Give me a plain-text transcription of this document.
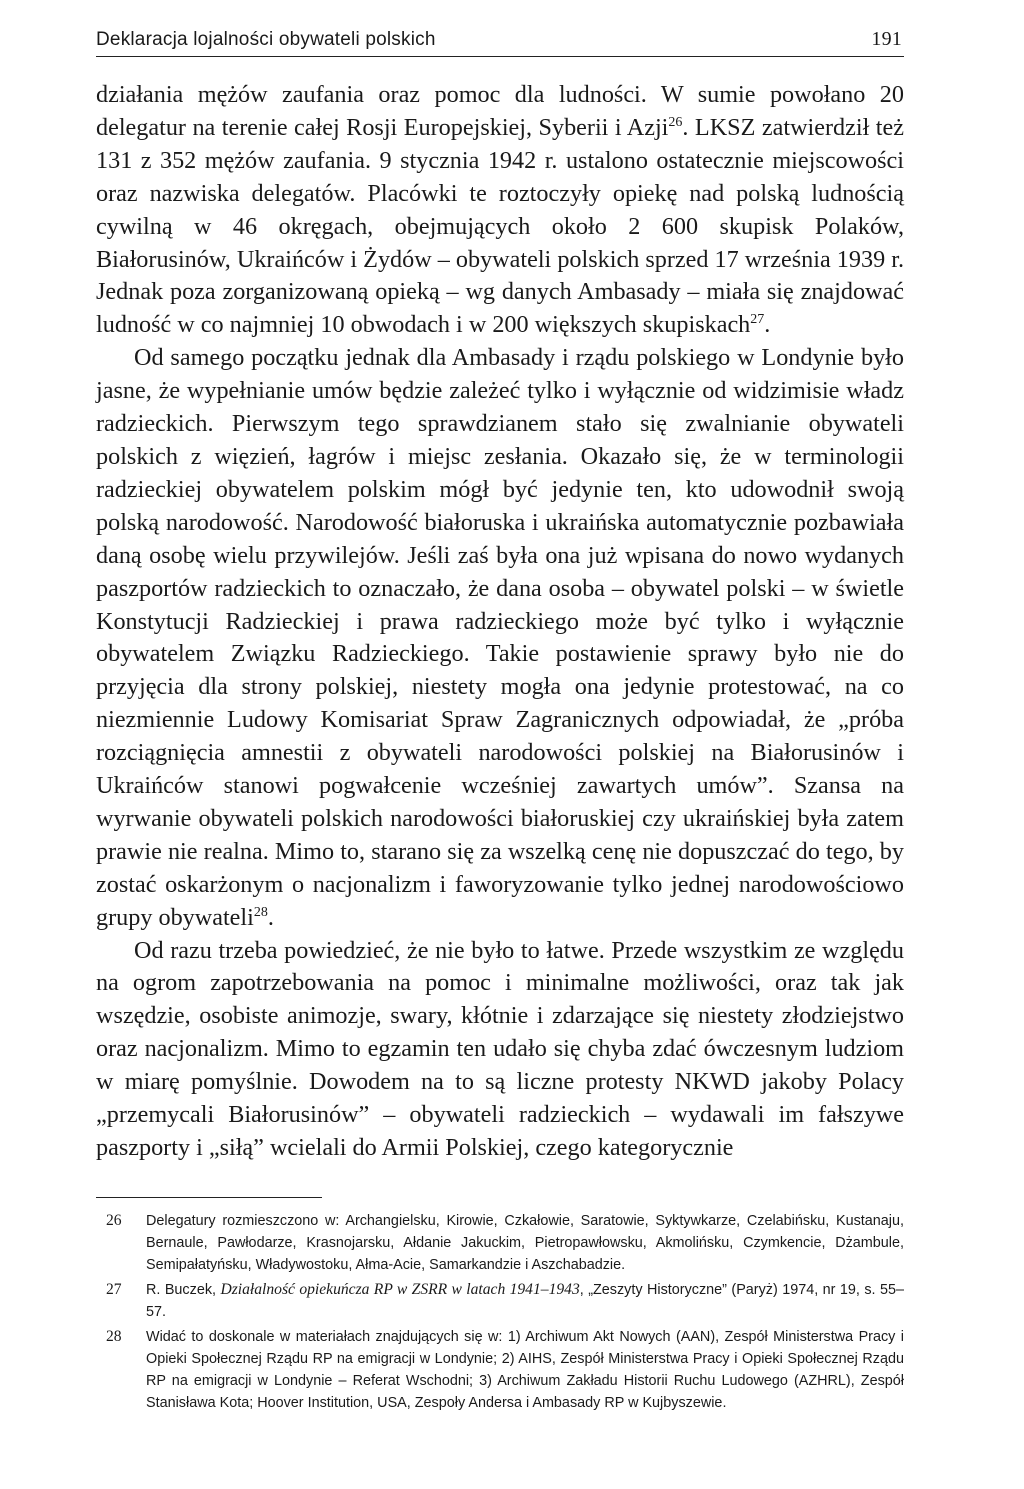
Deklaracja lojalności obywateli polskich	191

działania mężów zaufania oraz pomoc dla ludności. W sumie powołano 20 delegatur na terenie całej Rosji Europejskiej, Syberii i Azji$^{26}$. LKSZ zatwierdził też 131 z 352 mężów zaufania. 9 stycznia 1942 r. ustalono ostatecznie miejscowości oraz nazwiska delegatów. Placówki te roztoczyły opiekę nad polską ludnością cywilną w 46 okręgach, obejmujących około 2 600 skupisk Polaków, Białorusinów, Ukraińców i Żydów – obywateli polskich sprzed 17 września 1939 r. Jednak poza zorganizowaną opieką – wg danych Ambasady – miała się znajdować ludność w co najmniej 10 obwodach i w 200 większych skupiskach$^{27}$.

Od samego początku jednak dla Ambasady i rządu polskiego w Londynie było jasne, że wypełnianie umów będzie zależeć tylko i wyłącznie od widzimisie władz radzieckich. Pierwszym tego sprawdzianem stało się zwalnianie obywateli polskich z więzień, łagrów i miejsc zesłania. Okazało się, że w terminologii radzieckiej obywatelem polskim mógł być jedynie ten, kto udowodnił swoją polską narodowość. Narodowość białoruska i ukraińska automatycznie pozbawiała daną osobę wielu przywilejów. Jeśli zaś była ona już wpisana do nowo wydanych paszportów radzieckich to oznaczało, że dana osoba – obywatel polski – w świetle Konstytucji Radzieckiej i prawa radzieckiego może być tylko i wyłącznie obywatelem Związku Radzieckiego. Takie postawienie sprawy było nie do przyjęcia dla strony polskiej, niestety mogła ona jedynie protestować, na co niezmiennie Ludowy Komisariat Spraw Zagranicznych odpowiadał, że „próba rozciągnięcia amnestii z obywateli narodowości polskiej na Białorusinów i Ukraińców stanowi pogwałcenie wcześniej zawartych umów”. Szansa na wyrwanie obywateli polskich narodowości białoruskiej czy ukraińskiej była zatem prawie nie realna. Mimo to, starano się za wszelką cenę nie dopuszczać do tego, by zostać oskarżonym o nacjonalizm i faworyzowanie tylko jednej narodowościowo grupy obywateli$^{28}$.

Od razu trzeba powiedzieć, że nie było to łatwe. Przede wszystkim ze względu na ogrom zapotrzebowania na pomoc i minimalne możliwości, oraz tak jak wszędzie, osobiste animozje, swary, kłótnie i zdarzające się niestety złodziejstwo oraz nacjonalizm. Mimo to egzamin ten udało się chyba zdać ówczesnym ludziom w miarę pomyślnie. Dowodem na to są liczne protesty NKWD jakoby Polacy „przemycali Białorusinów” – obywateli radzieckich – wydawali im fałszywe paszporty i „siłą” wcielali do Armii Polskiej, czego kategorycznie

26	Delegatury rozmieszczono w: Archangielsku, Kirowie, Czkałowie, Saratowie, Syktywkarze, Czelabińsku, Kustanaju, Bernaule, Pawłodarze, Krasnojarsku, Ałdanie Jakuckim, Pietropawłowsku, Akmolińsku, Czymkencie, Dżambule, Semipałatyńsku, Władywostoku, Ałma-Acie, Samarkandzie i Aszchabadzie.
27	R. Buczek, Działalność opiekuńcza RP w ZSRR w latach 1941–1943, „Zeszyty Historyczne” (Paryż) 1974, nr 19, s. 55–57.
28	Widać to doskonale w materiałach znajdujących się w: 1) Archiwum Akt Nowych (AAN), Zespół Ministerstwa Pracy i Opieki Społecznej Rządu RP na emigracji w Londynie; 2) AIHS, Zespół Ministerstwa Pracy i Opieki Społecznej Rządu RP na emigracji w Londynie – Referat Wschodni; 3) Archiwum Zakładu Historii Ruchu Ludowego (AZHRL), Zespół Stanisława Kota; Hoover Institution, USA, Zespoły Andersa i Ambasady RP w Kujbyszewie.
